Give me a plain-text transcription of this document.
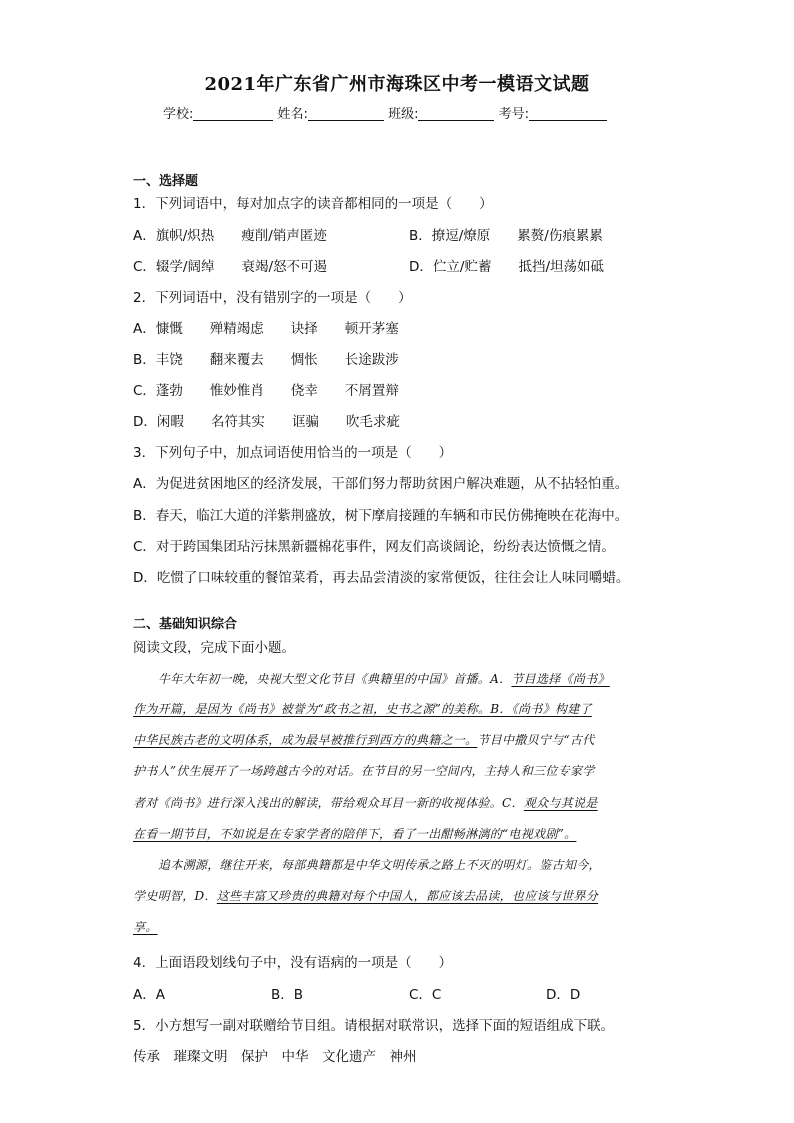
2021年广东省广州市海珠区中考一模语文试题
学校:	姓名:	班级:	考号:
一、选择题
1．下列词语中，每对加点字的读音都相同的一项是（　　）
A．旗帜/炽热　　瘦削/销声匿迹	B．撩逗/燎原　　累赘/伤痕累累
C．辍学/阔绰　　衰竭/怒不可遏	D．伫立/贮蓄　　抵挡/坦荡如砥
2．下列词语中，没有错别字的一项是（　　）
A．慷慨　　殚精竭虑　　诀择　　顿开茅塞
B．丰饶　　翻来覆去　　惆怅　　长途跋涉
C．蓬勃　　惟妙惟肖　　侥幸　　不屑置辩
D．闲暇　　名符其实　　诓骗　　吹毛求疵
3．下列句子中，加点词语使用恰当的一项是（　　）
A．为促进贫困地区的经济发展，干部们努力帮助贫困户解决难题，从不拈轻怕重。
B．春天，临江大道的洋紫荆盛放，树下摩肩接踵的车辆和市民仿佛掩映在花海中。
C．对于跨国集团玷污抹黑新疆棉花事件，网友们高谈阔论，纷纷表达愤慨之情。
D．吃惯了口味较重的餐馆菜肴，再去品尝清淡的家常便饭，往往会让人味同嚼蜡。
二、基础知识综合
阅读文段，完成下面小题。
牛年大年初一晚，央视大型文化节目《典籍里的中国》首播。A．节目选择《尚书》
作为开篇，是因为《尚书》被誉为“政书之祖，史书之源”的美称。B．《尚书》构建了
中华民族古老的文明体系，成为最早被推行到西方的典籍之一。节目中撒贝宁与“古代
护书人”伏生展开了一场跨越古今的对话。在节目的另一空间内，主持人和三位专家学
者对《尚书》进行深入浅出的解读，带给观众耳目一新的收视体验。C．观众与其说是
在看一期节目，不如说是在专家学者的陪伴下，看了一出酣畅淋漓的“电视戏剧”。
追本溯源，继往开来，每部典籍都是中华文明传承之路上不灭的明灯。鉴古知今，
学史明智，D．这些丰富又珍贵的典籍对每个中国人，都应该去品读，也应该与世界分
享。
4．上面语段划线句子中，没有语病的一项是（　　）
A．A	B．B	C．C	D．D
5．小方想写一副对联赠给节目组。请根据对联常识，选择下面的短语组成下联。
传承　璀璨文明　保护　中华　文化遗产　神州
